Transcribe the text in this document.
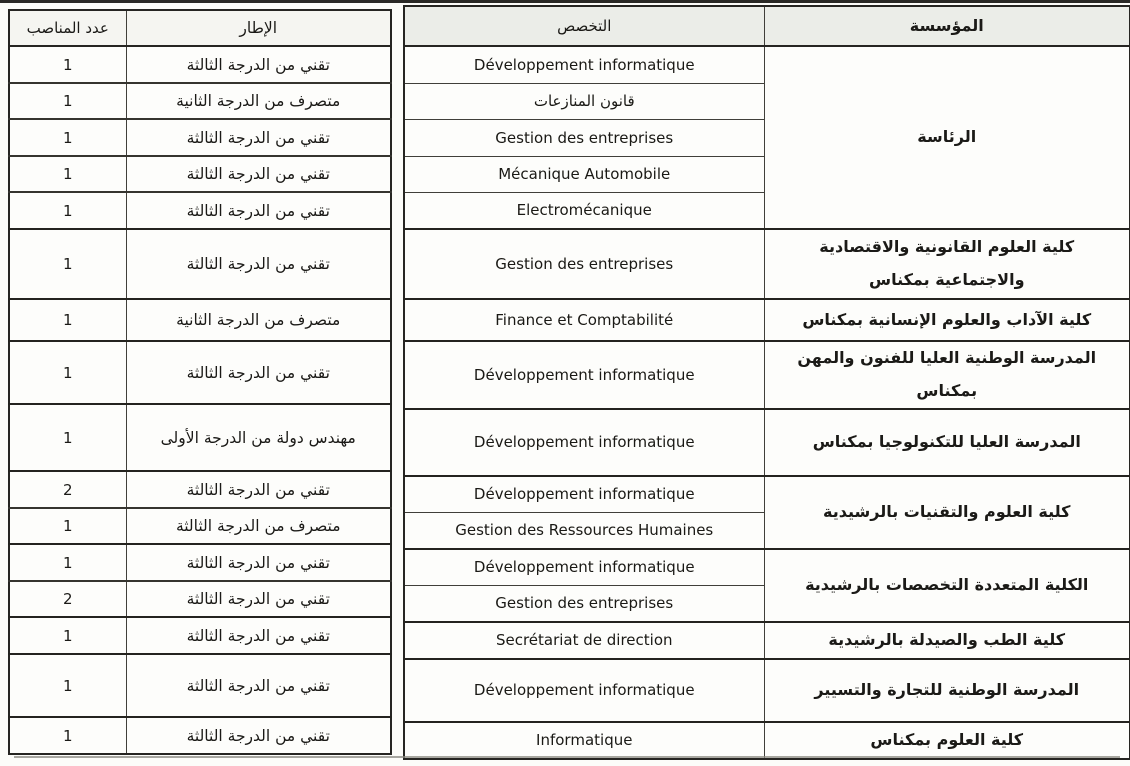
الإطار	عدد المناصب
تقني من الدرجة الثالثة	1
متصرف من الدرجة الثانية	1
تقني من الدرجة الثالثة	1
تقني من الدرجة الثالثة	1
تقني من الدرجة الثالثة	1
تقني من الدرجة الثالثة	1
متصرف من الدرجة الثانية	1
تقني من الدرجة الثالثة	1
مهندس دولة من الدرجة الأولى	1
تقني من الدرجة الثالثة	2
متصرف من الدرجة الثالثة	1
تقني من الدرجة الثالثة	1
تقني من الدرجة الثالثة	2
تقني من الدرجة الثالثة	1
تقني من الدرجة الثالثة	1
تقني من الدرجة الثالثة	1
المؤسسة	التخصص
الرئاسة	Développement informatique
	قانون المنازعات
	Gestion des entreprises
	Mécanique Automobile
	Electromécanique
كلية العلوم القانونية والاقتصادية والاجتماعية بمكناس	Gestion des entreprises
كلية الآداب والعلوم الإنسانية بمكناس	Finance et Comptabilité
المدرسة الوطنية العليا للفنون والمهن بمكناس	Développement informatique
المدرسة العليا للتكنولوجيا بمكناس	Développement informatique
كلية العلوم والتقنيات بالرشيدية	Développement informatique
	Gestion des Ressources Humaines
الكلية المتعددة التخصصات بالرشيدية	Développement informatique
	Gestion des entreprises
كلية الطب والصيدلة بالرشيدية	Secrétariat de direction
المدرسة الوطنية للتجارة والتسيير	Développement informatique
كلية العلوم بمكناس	Informatique
